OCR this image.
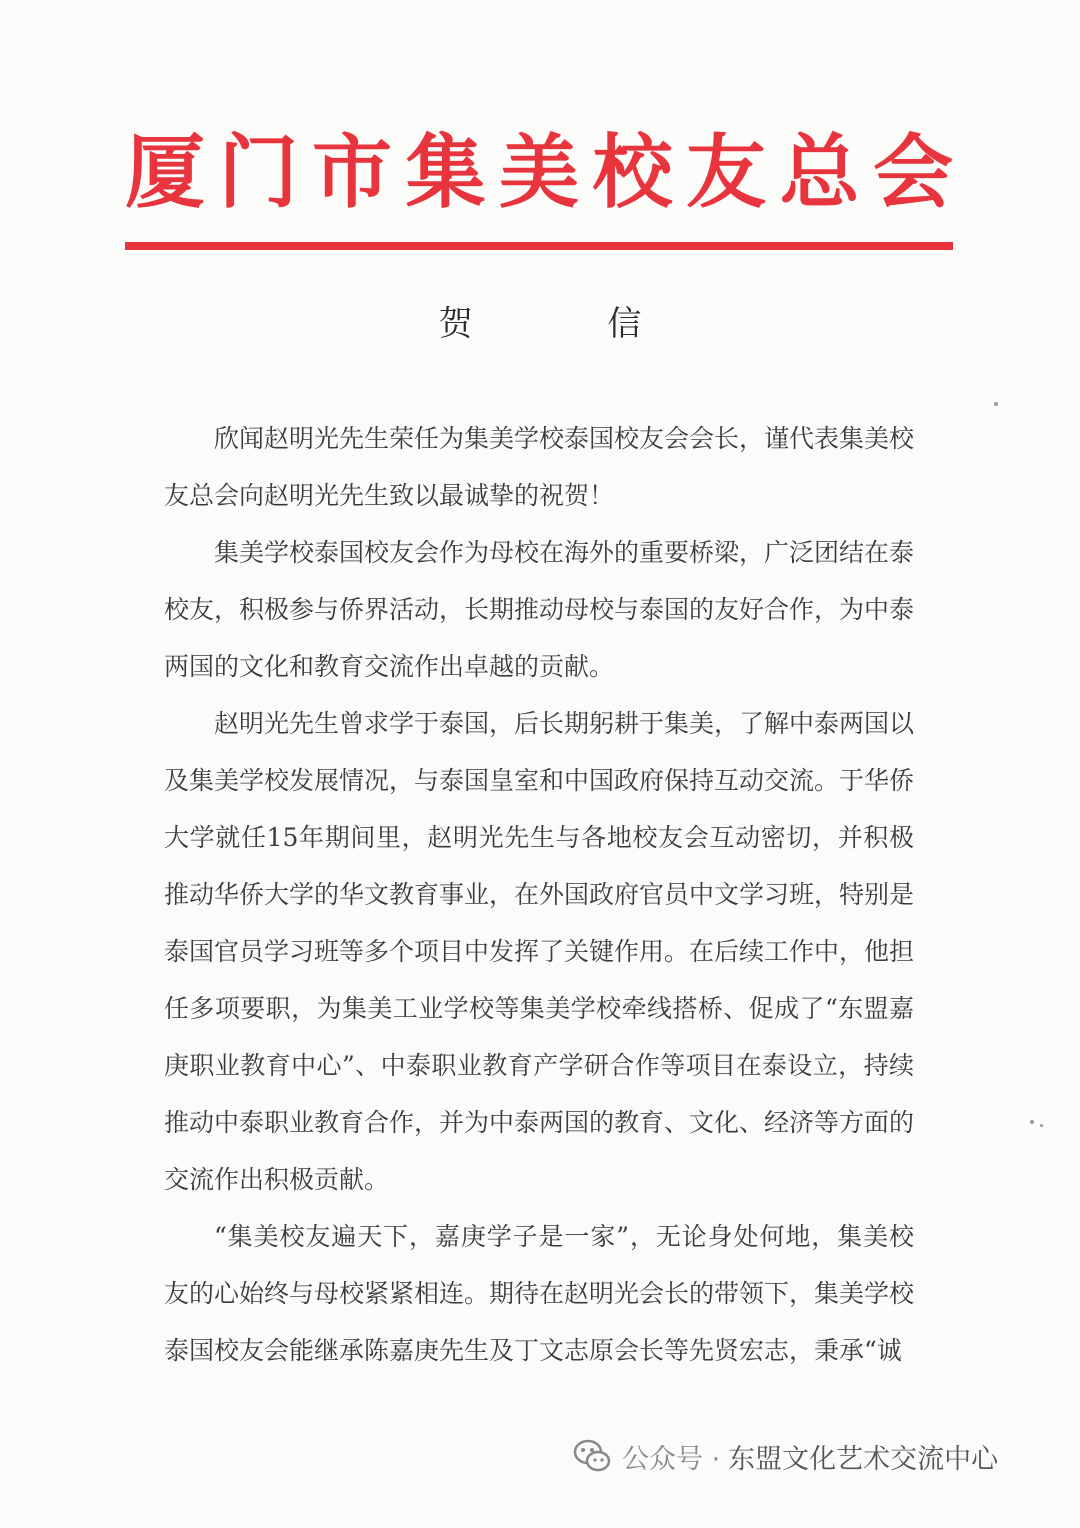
厦 门 市 集 美 校 友 总 会
贺 信
欣闻赵明光先生荣任为集美学校泰国校友会会长，谨代表集美校
友总会向赵明光先生致以最诚挚的祝贺！
集美学校泰国校友会作为母校在海外的重要桥梁，广泛团结在泰
校友，积极参与侨界活动，长期推动母校与泰国的友好合作，为中泰
两国的文化和教育交流作出卓越的贡献。
赵明光先生曾求学于泰国，后长期躬耕于集美，了解中泰两国以
及集美学校发展情况，与泰国皇室和中国政府保持互动交流。于华侨
大学就任15年期间里，赵明光先生与各地校友会互动密切，并积极
推动华侨大学的华文教育事业，在外国政府官员中文学习班，特别是
泰国官员学习班等多个项目中发挥了关键作用。在后续工作中，他担
任多项要职，为集美工业学校等集美学校牵线搭桥、促成了“东盟嘉
庚职业教育中心”、中泰职业教育产学研合作等项目在泰设立，持续
推动中泰职业教育合作，并为中泰两国的教育、文化、经济等方面的
交流作出积极贡献。
“集美校友遍天下，嘉庚学子是一家”，无论身处何地，集美校
友的心始终与母校紧紧相连。期待在赵明光会长的带领下，集美学校
泰国校友会能继承陈嘉庚先生及丁文志原会长等先贤宏志，秉承“诚
公众号 · 东盟文化艺术交流中心
